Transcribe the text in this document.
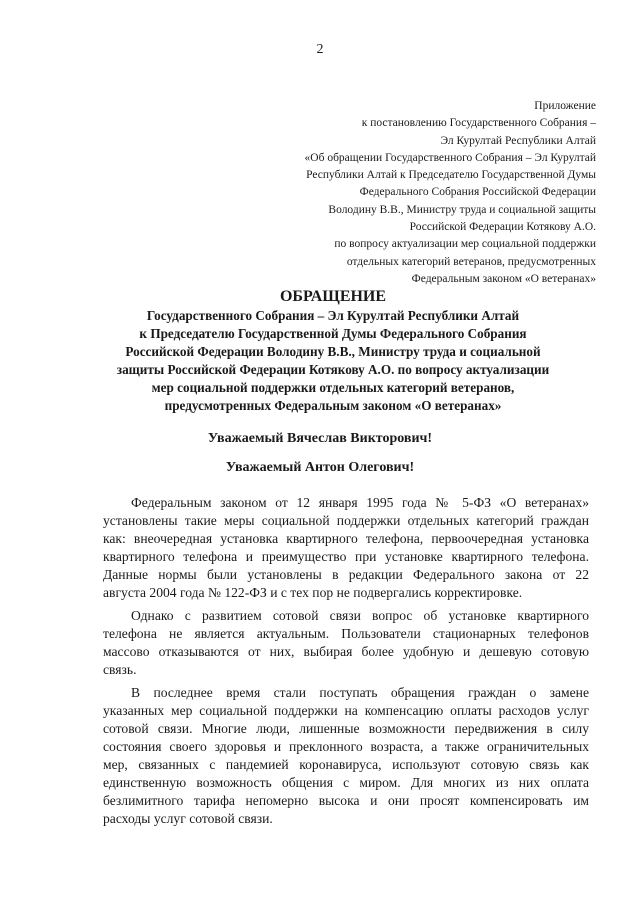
2
Приложение
к постановлению Государственного Собрания –
Эл Курултай Республики Алтай
«Об обращении Государственного Собрания – Эл Курултай
Республики Алтай к Председателю Государственной Думы
Федерального Собрания Российской Федерации
Володину В.В., Министру труда и социальной защиты
Российской Федерации Котякову А.О.
по вопросу актуализации мер социальной поддержки
отдельных категорий ветеранов, предусмотренных
Федеральным законом «О ветеранах»
ОБРАЩЕНИЕ
Государственного Собрания – Эл Курултай Республики Алтай
к Председателю Государственной Думы Федерального Собрания
Российской Федерации Володину В.В., Министру труда и социальной
защиты Российской Федерации Котякову А.О. по вопросу актуализации
мер социальной поддержки отдельных категорий ветеранов,
предусмотренных Федеральным законом «О ветеранах»
Уважаемый Вячеслав Викторович!
Уважаемый Антон Олегович!
Федеральным законом от 12 января 1995 года № 5-ФЗ «О ветеранах»
установлены такие меры социальной поддержки отдельных категорий граждан
как: внеочередная установка квартирного телефона, первоочередная установка
квартирного телефона и преимущество при установке квартирного телефона.
Данные нормы были установлены в редакции Федерального закона от 22
августа 2004 года № 122-ФЗ и с тех пор не подвергались корректировке.
Однако с развитием сотовой связи вопрос об установке квартирного
телефона не является актуальным. Пользователи стационарных телефонов
массово отказываются от них, выбирая более удобную и дешевую сотовую
связь.
В последнее время стали поступать обращения граждан о замене
указанных мер социальной поддержки на компенсацию оплаты расходов услуг
сотовой связи. Многие люди, лишенные возможности передвижения в силу
состояния своего здоровья и преклонного возраста, а также ограничительных
мер, связанных с пандемией коронавируса, используют сотовую связь как
единственную возможность общения с миром. Для многих из них оплата
безлимитного тарифа непомерно высока и они просят компенсировать им
расходы услуг сотовой связи.
